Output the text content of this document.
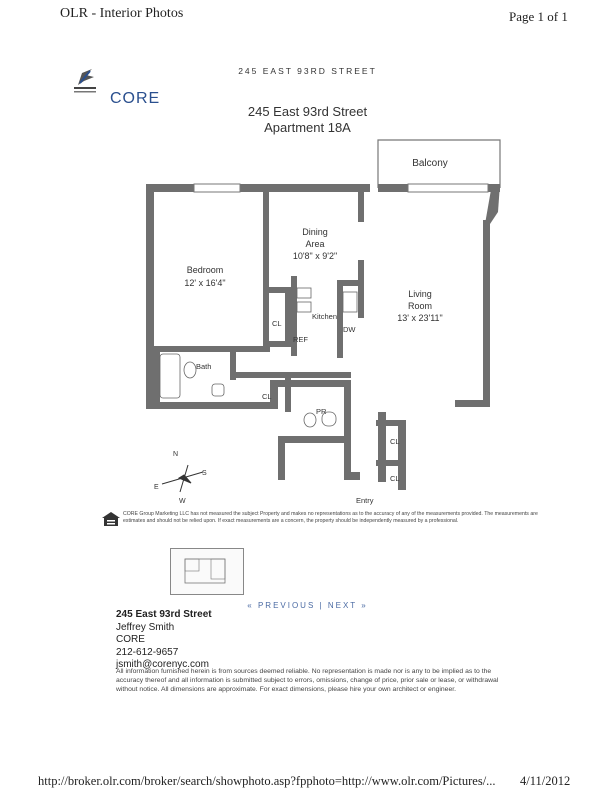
OLR - Interior Photos	Page 1 of 1
245 EAST 93RD STREET
CORE
245 East 93rd Street
Apartment 18A
Balcony
Dining
Area
10'8" x 9'2"
Bedroom
12' x 16'4"
Living
Room
13' x 23'11"
Kitchen
REF
DW
CL
CL
Bath
PR
CL
CL
Entry
N
E
S
W
CORE Group Marketing LLC has not measured the subject Property and makes no representations as to the accuracy of any of the measurements provided. The measurements are estimates and should not be relied upon. If exact measurements are a concern, the property should be independently measured by a professional.
« PREVIOUS | NEXT »
245 East 93rd Street
Jeffrey Smith
CORE
212-612-9657
jsmith@corenyc.com
All information furnished herein is from sources deemed reliable. No representation is made nor is any to be implied as to the accuracy thereof and all information is submitted subject to errors, omissions, change of price, prior sale or lease, or withdrawal without notice. All dimensions are approximate. For exact dimensions, please hire your own architect or engineer.
http://broker.olr.com/broker/search/showphoto.asp?fpphoto=http://www.olr.com/Pictures/... 4/11/2012
